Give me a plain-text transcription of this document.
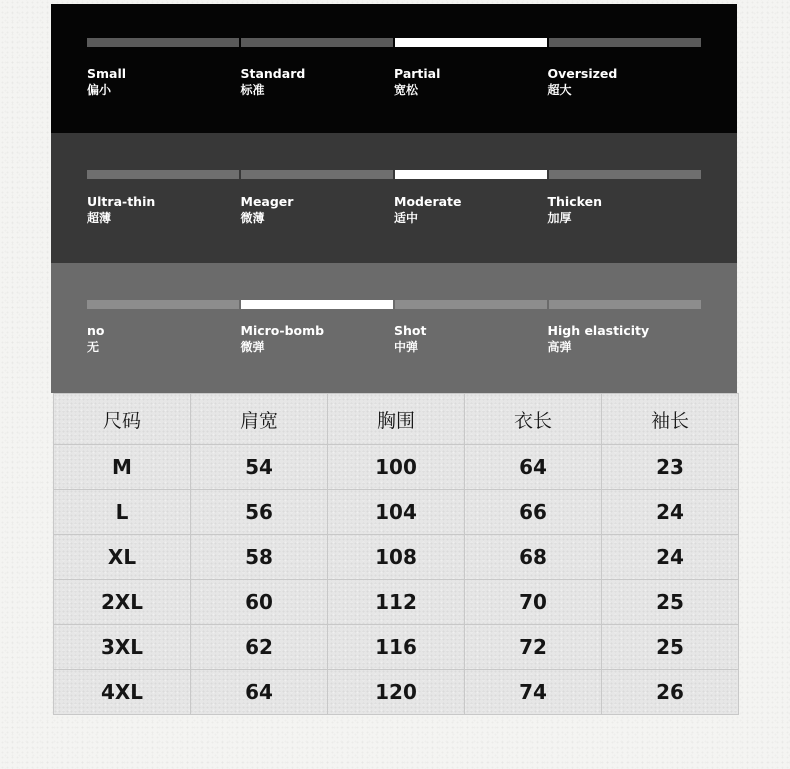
Small
偏小
Standard
标准
Partial
宽松
Oversized
超大
Ultra-thin
超薄
Meager
微薄
Moderate
适中
Thicken
加厚
no
无
Micro-bomb
微弹
Shot
中弹
High elasticity
高弹
尺码	肩宽	胸围	衣长	袖长
M	54	100	64	23
L	56	104	66	24
XL	58	108	68	24
2XL	60	112	70	25
3XL	62	116	72	25
4XL	64	120	74	26
